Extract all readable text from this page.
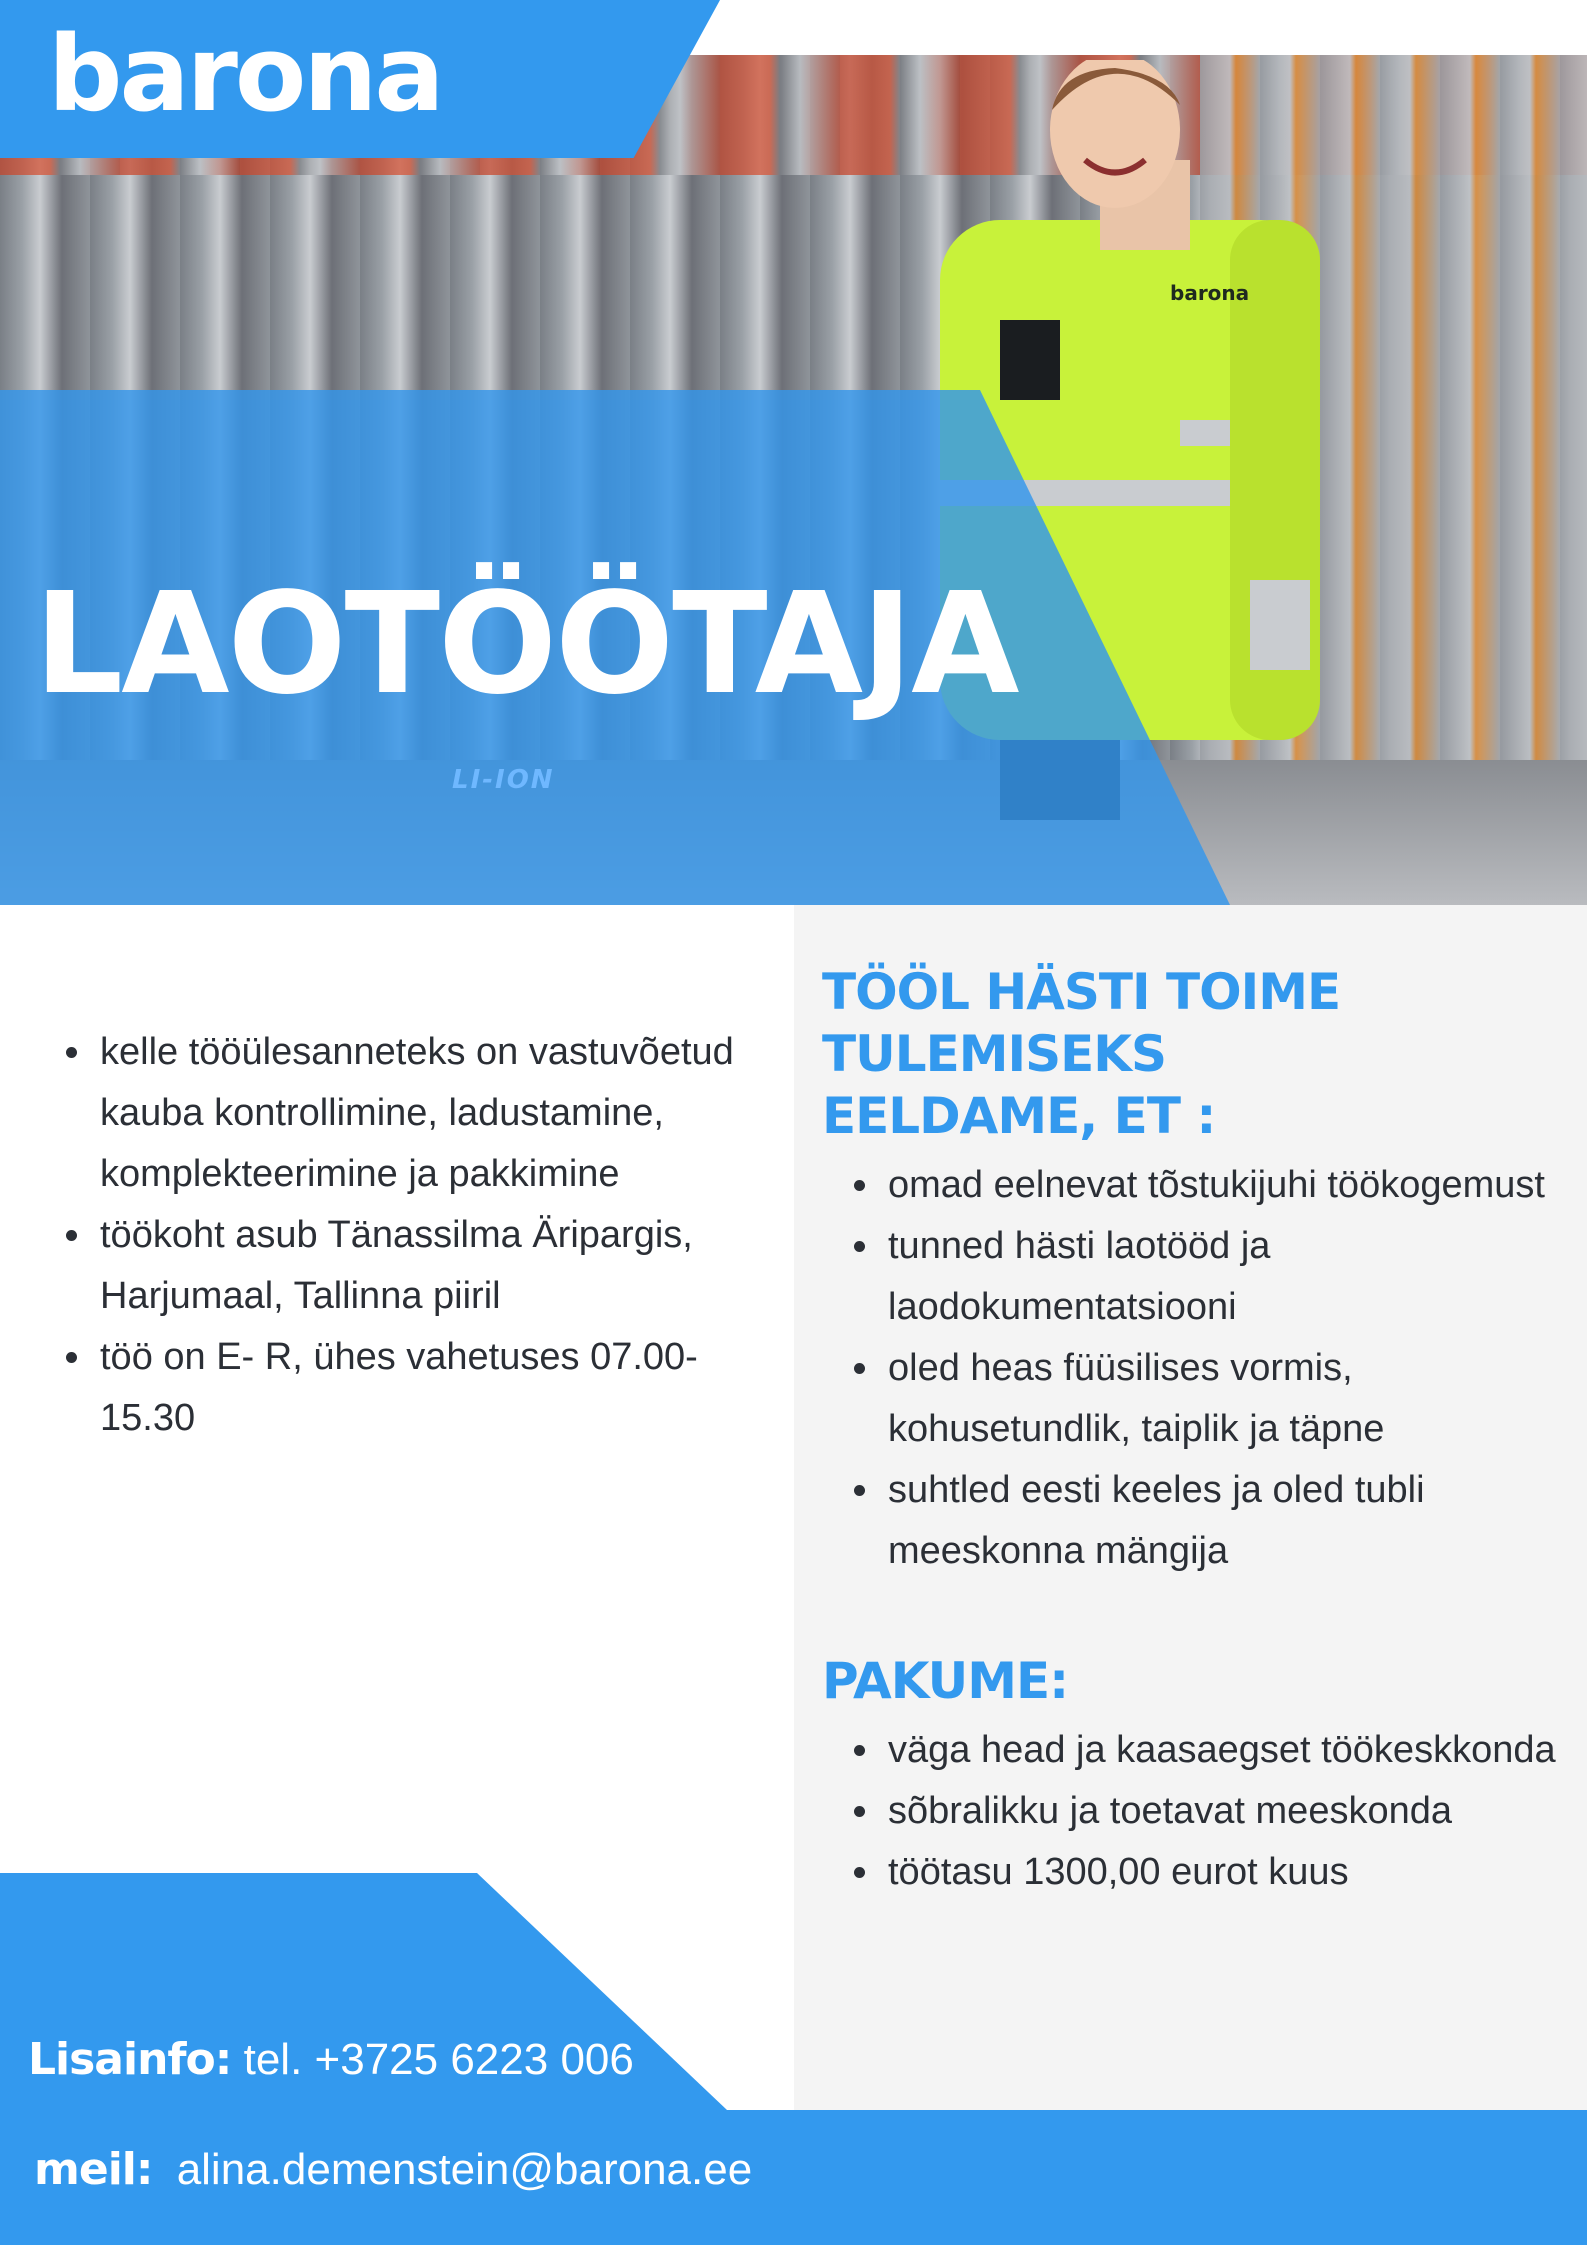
barona
LAOTÖÖTAJA
LI-ION
barona
kelle tööülesanneteks on vastuvõetud kauba kontrollimine, ladustamine, komplekteerimine ja pakkimine
töökoht asub Tänassilma Äripargis, Harjumaal, Tallinna piiril
töö on E- R, ühes vahetuses 07.00- 15.30
TÖÖL HÄSTI TOIME TULEMISEKS EELDAME, ET :
omad eelnevat tõstukijuhi töökogemust
tunned hästi laotööd ja laodokumentatsiooni
oled heas füüsilises vormis, kohusetundlik, taiplik ja täpne
suhtled eesti keeles ja oled tubli meeskonna mängija
PAKUME:
väga head ja kaasaegset töökeskkonda
sõbralikku ja toetavat meeskonda
töötasu 1300,00 eurot kuus
Lisainfo: tel. +3725 6223 006
meil: alina.demenstein@barona.ee
